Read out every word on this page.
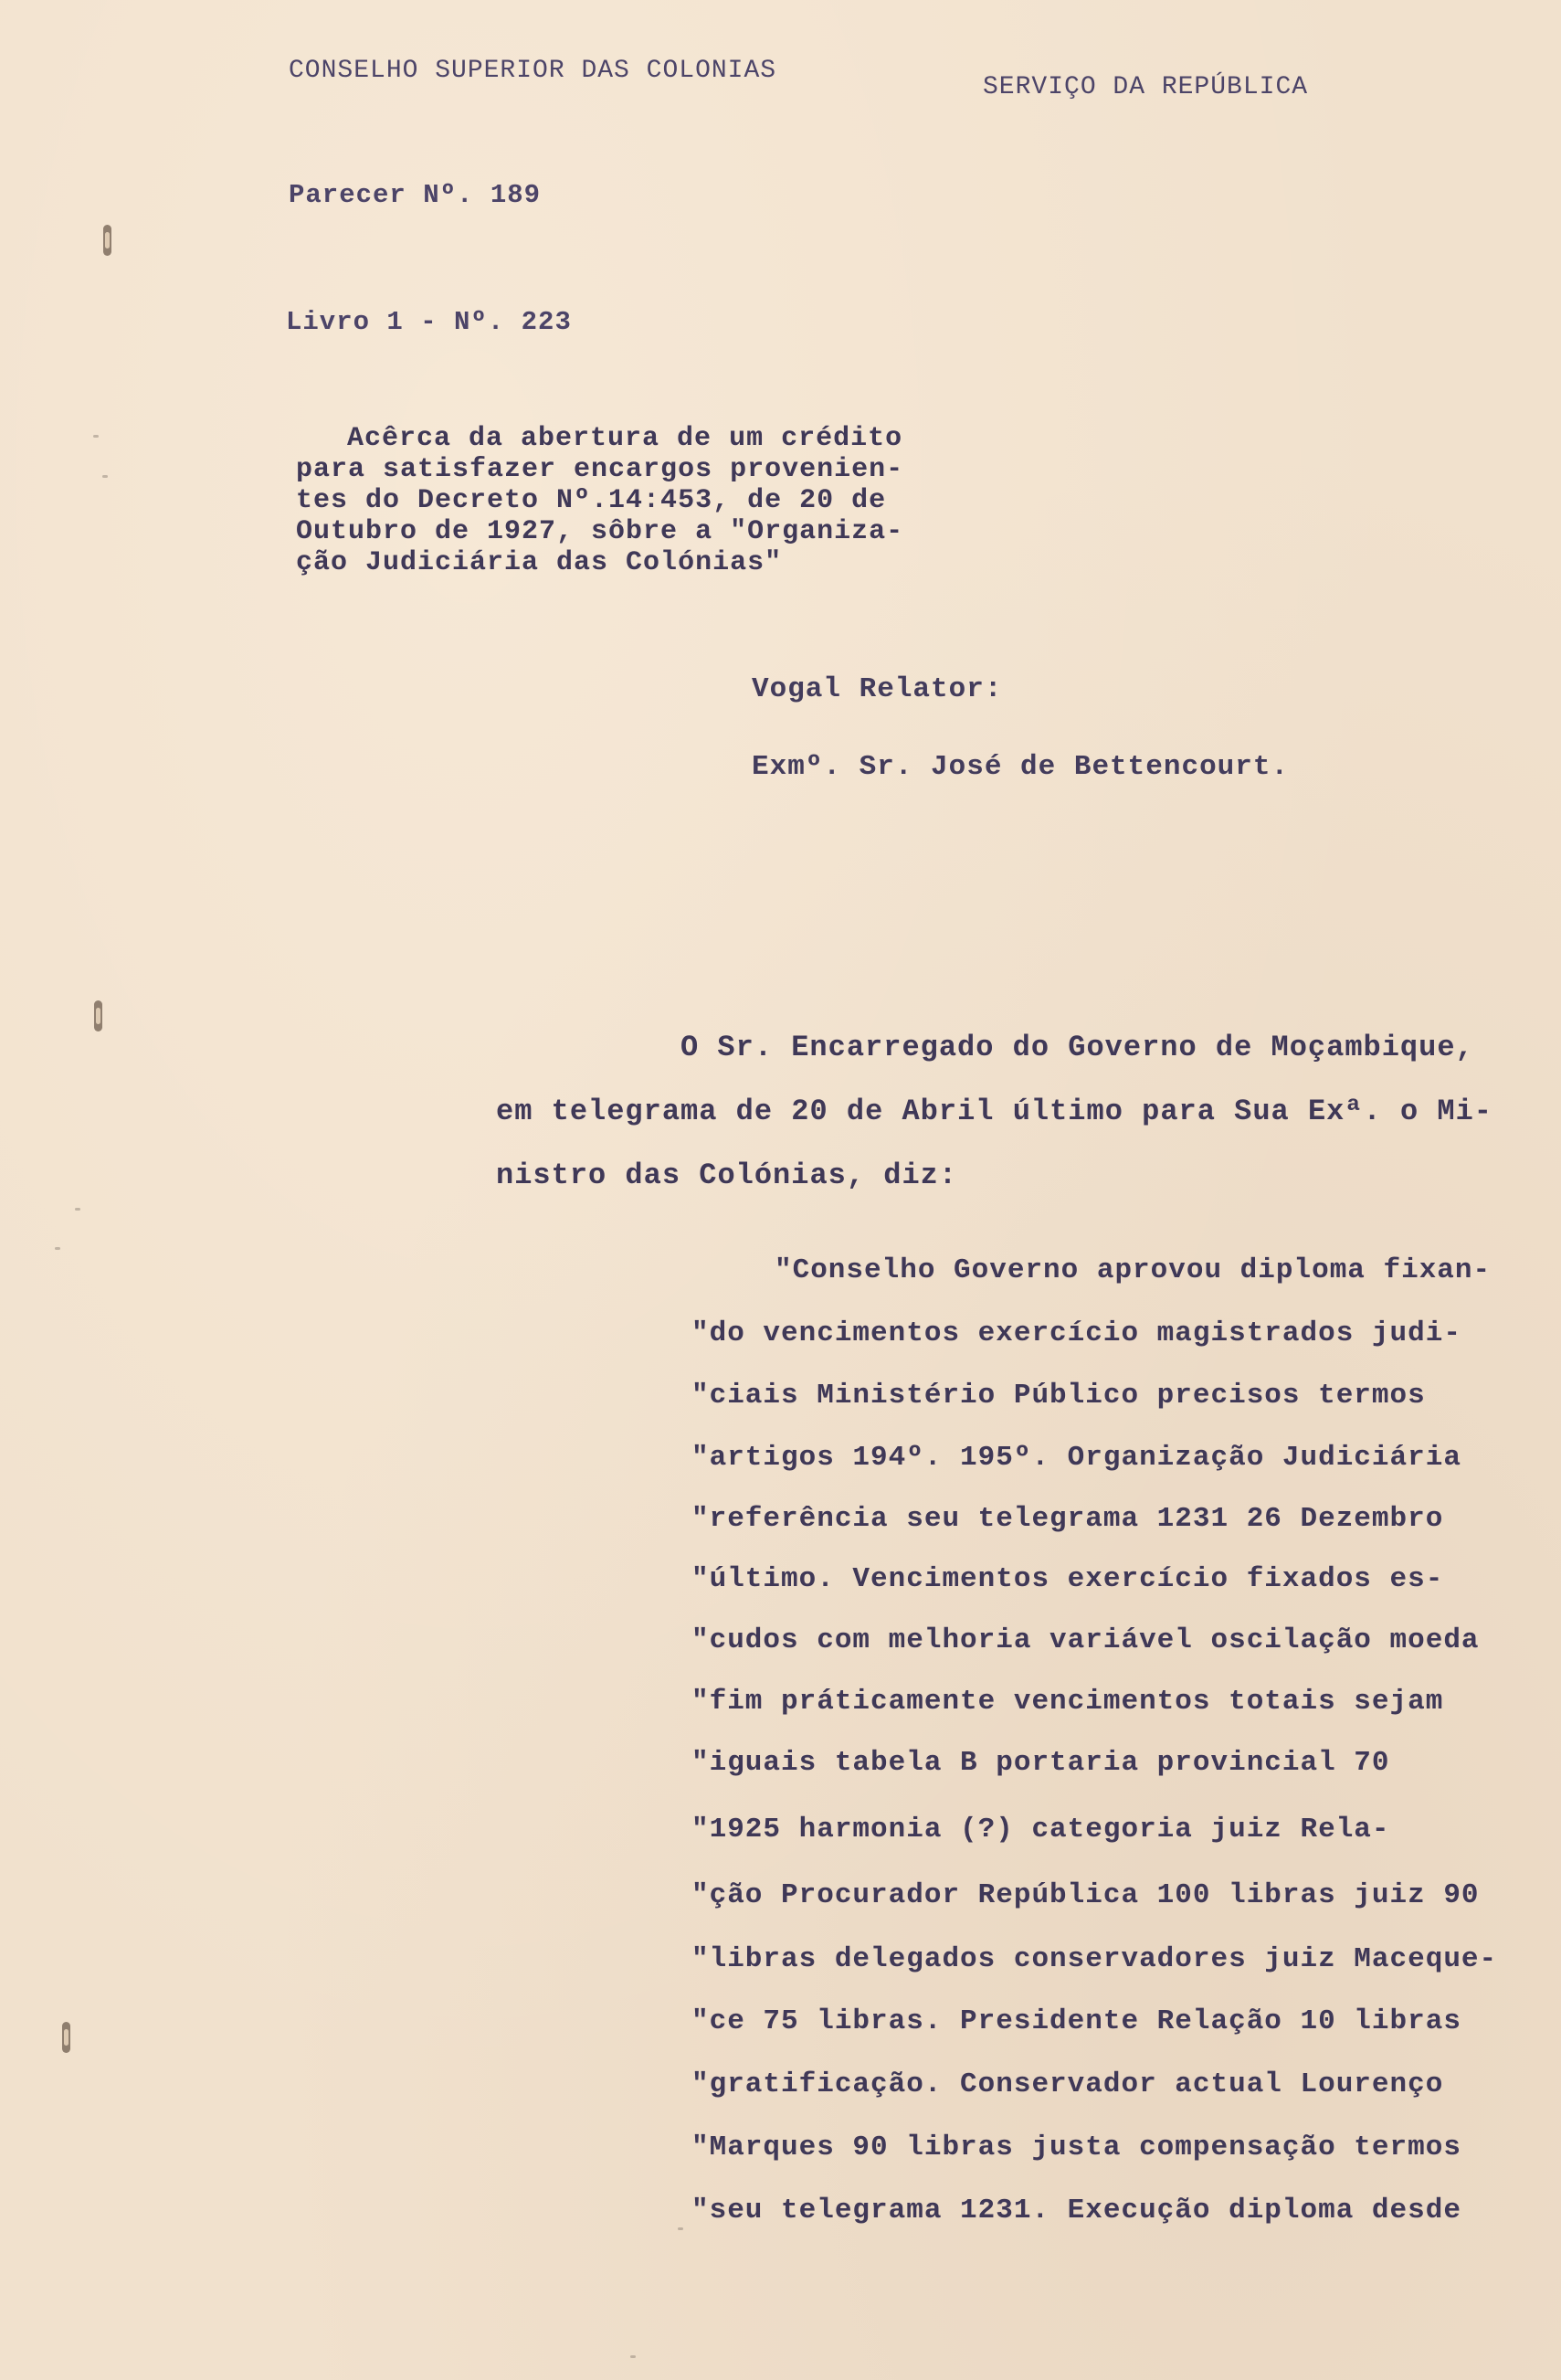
CONSELHO SUPERIOR DAS COLONIAS

SERVIÇO DA REPÚBLICA

Parecer Nº. 189

Livro 1 - Nº. 223

Acêrca da abertura de um crédito

para satisfazer encargos provenien-

tes do Decreto Nº.14:453, de 20 de

Outubro de 1927, sôbre a "Organiza-

ção Judiciária das Colónias"

Vogal Relator:

Exmº. Sr. José de Bettencourt.

O Sr. Encarregado do Governo de Moçambique,

em telegrama de 20 de Abril último para Sua Exª. o Mi-

nistro das Colónias, diz:

"Conselho Governo aprovou diploma fixan-

"do vencimentos exercício magistrados judi-

"ciais Ministério Público precisos termos

"artigos 194º. 195º. Organização Judiciária

"referência seu telegrama 1231 26 Dezembro

"último. Vencimentos exercício fixados es-

"cudos com melhoria variável oscilação moeda

"fim práticamente vencimentos totais sejam

"iguais tabela B portaria provincial 70

"1925 harmonia (?) categoria juiz Rela-

"ção Procurador República 100 libras juiz 90

"libras delegados conservadores juiz Maceque-

"ce 75 libras. Presidente Relação 10 libras

"gratificação. Conservador actual Lourenço

"Marques 90 libras justa compensação termos

"seu telegrama 1231. Execução diploma desde
